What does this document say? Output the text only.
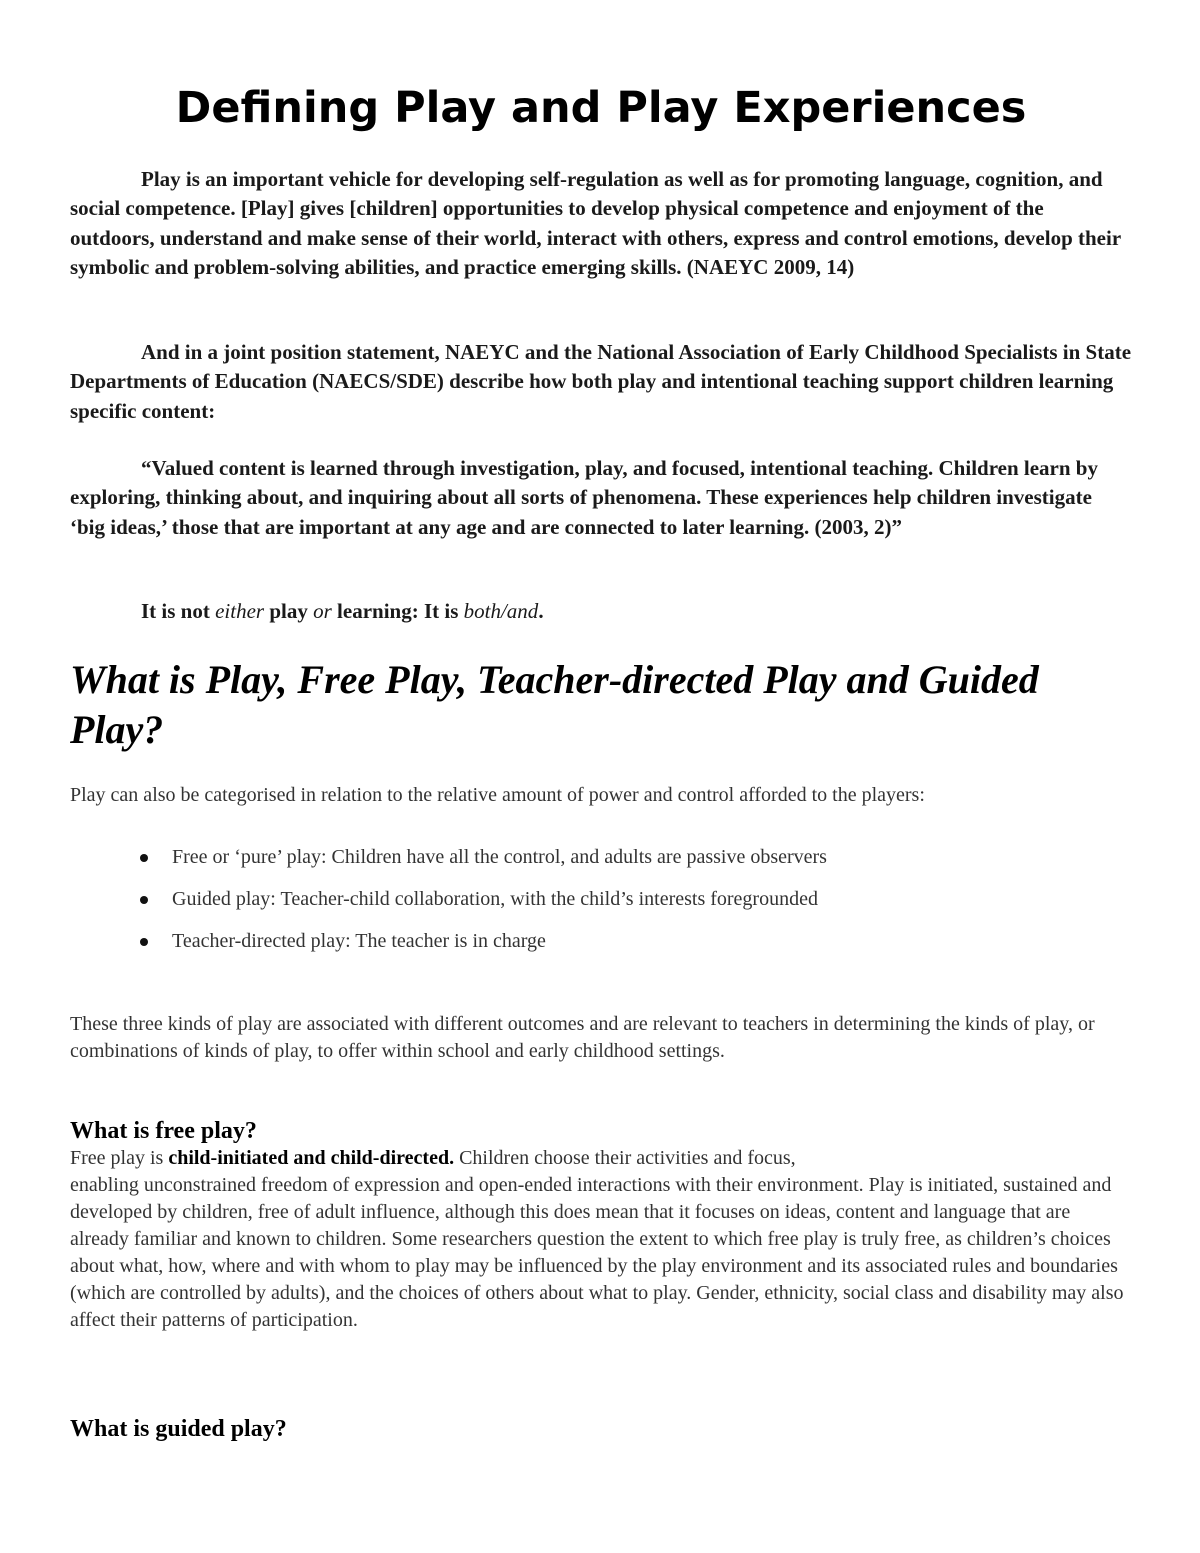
Defining Play and Play Experiences

Play is an important vehicle for developing self-regulation as well as for promoting language, cognition, and social competence. [Play] gives [children] opportunities to develop physical competence and enjoyment of the outdoors, understand and make sense of their world, interact with others, express and control emotions, develop their symbolic and problem-solving abilities, and practice emerging skills. (NAEYC 2009, 14)

And in a joint position statement, NAEYC and the National Association of Early Childhood Specialists in State Departments of Education (NAECS/SDE) describe how both play and intentional teaching support children learning specific content:

“Valued content is learned through investigation, play, and focused, intentional teaching. Children learn by exploring, thinking about, and inquiring about all sorts of phenomena. These experiences help children investigate ‘big ideas,’ those that are important at any age and are connected to later learning. (2003, 2)”

It is not either play or learning: It is both/and.

What is Play, Free Play, Teacher-directed Play and Guided Play?

Play can also be categorised in relation to the relative amount of power and control afforded to the players:

Free or ‘pure’ play: Children have all the control, and adults are passive observers
Guided play: Teacher-child collaboration, with the child’s interests foregrounded
Teacher-directed play: The teacher is in charge

These three kinds of play are associated with different outcomes and are relevant to teachers in determining the kinds of play, or combinations of kinds of play, to offer within school and early childhood settings.

What is free play?

Free play is child-initiated and child-directed. Children choose their activities and focus,
enabling unconstrained freedom of expression and open-ended interactions with their environment. Play is initiated, sustained and developed by children, free of adult influence, although this does mean that it focuses on ideas, content and language that are already familiar and known to children. Some researchers question the extent to which free play is truly free, as children’s choices about what, how, where and with whom to play may be influenced by the play environment and its associated rules and boundaries (which are controlled by adults), and the choices of others about what to play. Gender, ethnicity, social class and disability may also affect their patterns of participation.

What is guided play?
